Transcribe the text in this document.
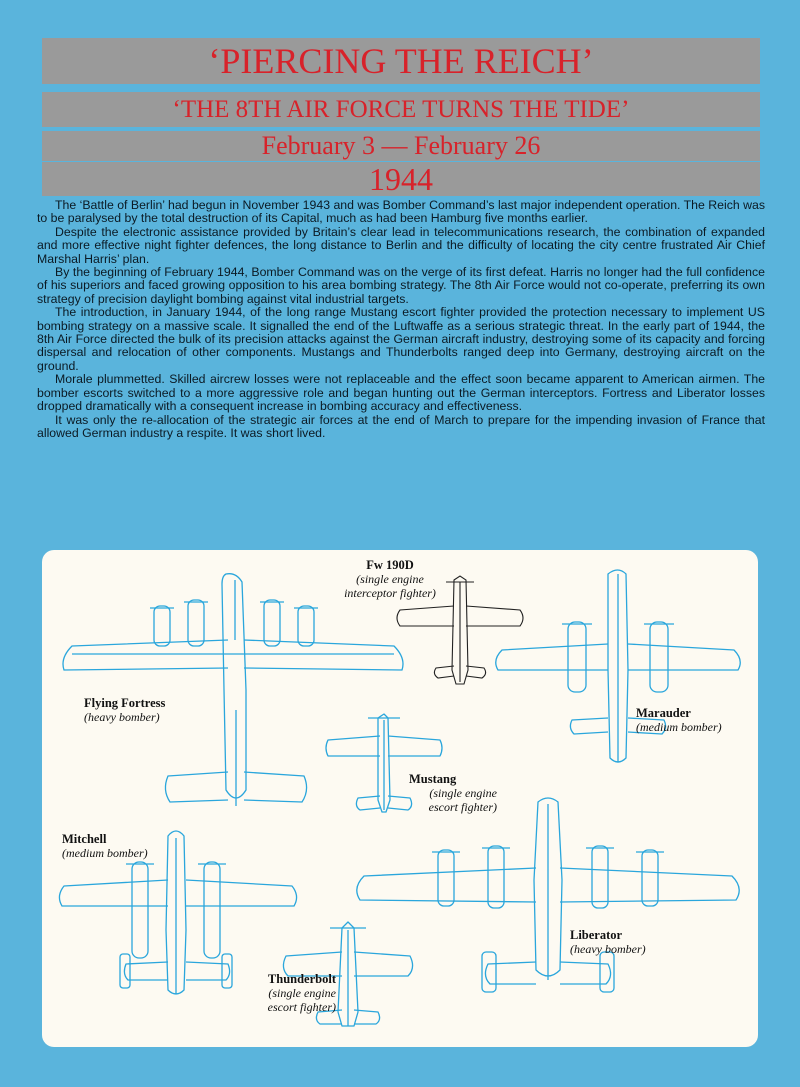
‘PIERCING THE REICH’
‘THE 8TH AIR FORCE TURNS THE TIDE’
February 3 — February 26
1944

The ‘Battle of Berlin’ had begun in November 1943 and was Bomber Command’s last major independent operation. The Reich was to be paralysed by the total destruction of its Capital, much as had been Hamburg five months earlier.

Despite the electronic assistance provided by Britain’s clear lead in telecommunications research, the combination of expanded and more effective night fighter defences, the long distance to Berlin and the difficulty of locating the city centre frustrated Air Chief Marshal Harris’ plan.

By the beginning of February 1944, Bomber Command was on the verge of its first defeat. Harris no longer had the full confidence of his superiors and faced growing opposition to his area bombing strategy. The 8th Air Force would not co-operate, preferring its own strategy of precision daylight bombing against vital industrial targets.

The introduction, in January 1944, of the long range Mustang escort fighter provided the protection necessary to implement US bombing strategy on a massive scale. It signalled the end of the Luftwaffe as a serious strategic threat. In the early part of 1944, the 8th Air Force directed the bulk of its precision attacks against the German aircraft industry, destroying some of its capacity and forcing dispersal and relocation of other components. Mustangs and Thunderbolts ranged deep into Germany, destroying aircraft on the ground.

Morale plummetted. Skilled aircrew losses were not replaceable and the effect soon became apparent to American airmen. The bomber escorts switched to a more aggressive role and began hunting out the German interceptors. Fortress and Liberator losses dropped dramatically with a consequent increase in bombing accuracy and effectiveness.

It was only the re-allocation of the strategic air forces at the end of March to prepare for the impending invasion of France that allowed German industry a respite. It was short lived.

Fw 190D
(single engine
interceptor fighter)
Flying Fortress
(heavy bomber)	Marauder
(medium bomber)
Mustang
(single engine
escort fighter)
Mitchell
(medium bomber)
Liberator
(heavy bomber)
Thunderbolt
(single engine
escort fighter)
